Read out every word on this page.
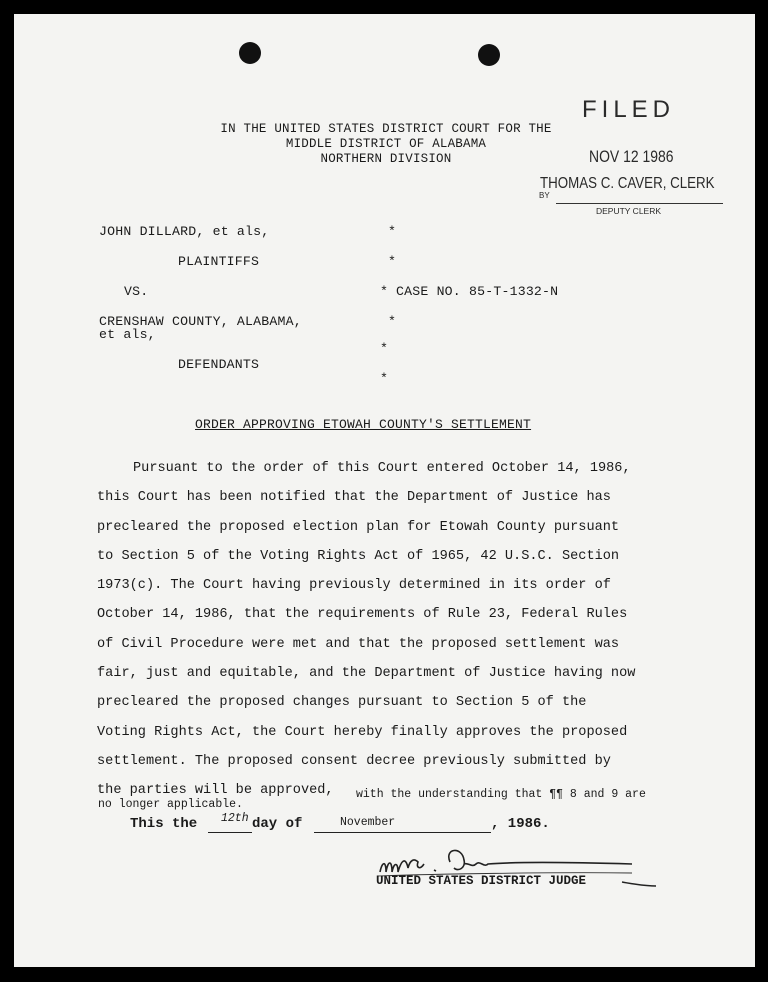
IN THE UNITED STATES DISTRICT COURT FOR THE
MIDDLE DISTRICT OF ALABAMA
NORTHERN DIVISION
FILED
NOV 12 1986
THOMAS C. CAVER, CLERK
BY
DEPUTY CLERK
JOHN DILLARD, et als,	*
PLAINTIFFS	*
VS.	* CASE NO. 85-T-1332-N
CRENSHAW COUNTY, ALABAMA,	*
et als,
*
DEFENDANTS
*
ORDER APPROVING ETOWAH COUNTY'S SETTLEMENT
Pursuant to the order of this Court entered October 14, 1986,
this Court has been notified that the Department of Justice has
precleared the proposed election plan for Etowah County pursuant
to Section 5 of the Voting Rights Act of 1965, 42 U.S.C. Section
1973(c). The Court having previously determined in its order of
October 14, 1986, that the requirements of Rule 23, Federal Rules
of Civil Procedure were met and that the proposed settlement was
fair, just and equitable, and the Department of Justice having now
precleared the proposed changes pursuant to Section 5 of the
Voting Rights Act, the Court hereby finally approves the proposed
settlement. The proposed consent decree previously submitted by
the parties will be approved, with the understanding that ¶¶ 8 and 9 are
no longer applicable.
This the 12th day of	November	, 1986.
UNITED STATES DISTRICT JUDGE
